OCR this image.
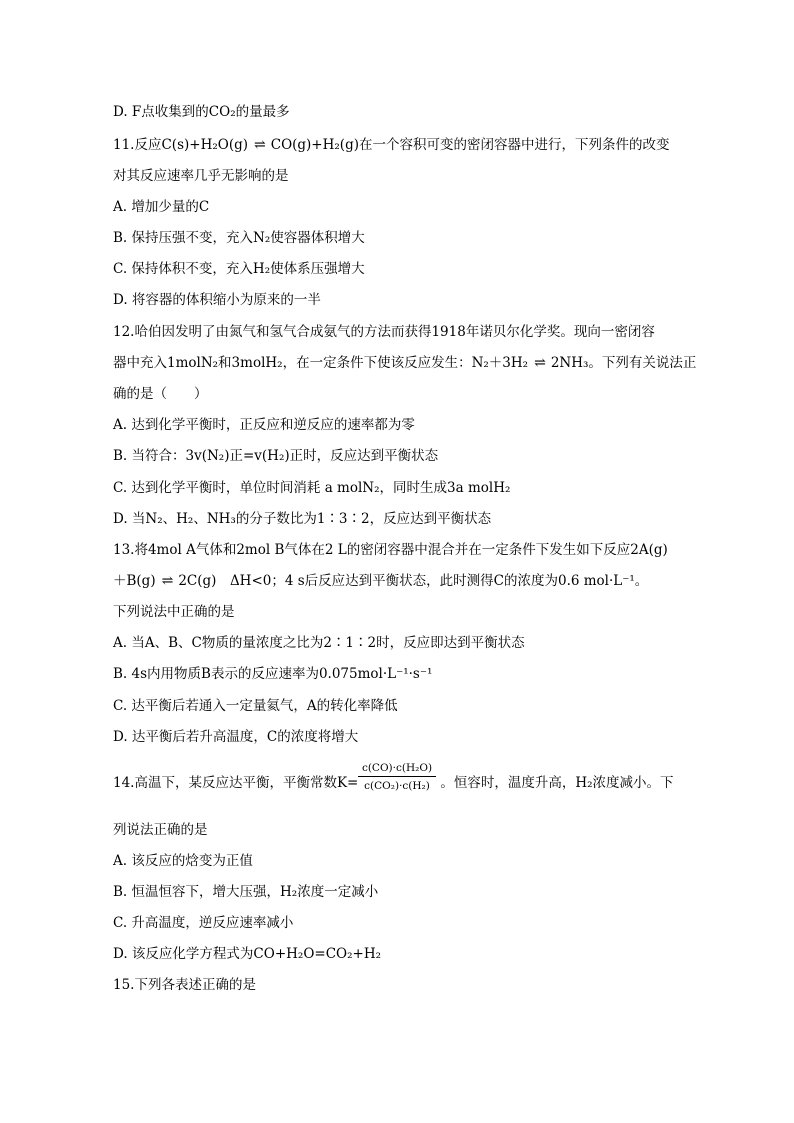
D. F点收集到的CO₂的量最多
11.反应C(s)+H₂O(g) ⇌ CO(g)+H₂(g)在一个容积可变的密闭容器中进行，下列条件的改变
对其反应速率几乎无影响的是
A. 增加少量的C
B. 保持压强不变，充入N₂使容器体积增大
C. 保持体积不变，充入H₂使体系压强增大
D. 将容器的体积缩小为原来的一半
12.哈伯因发明了由氮气和氢气合成氨气的方法而获得1918年诺贝尔化学奖。现向一密闭容
器中充入1molN₂和3molH₂，在一定条件下使该反应发生：N₂＋3H₂ ⇌ 2NH₃。下列有关说法正
确的是（　　）
A. 达到化学平衡时，正反应和逆反应的速率都为零
B. 当符合：3v(N₂)正=v(H₂)正时，反应达到平衡状态
C. 达到化学平衡时，单位时间消耗 a molN₂，同时生成3a molH₂
D. 当N₂、H₂、NH₃的分子数比为1∶3∶2，反应达到平衡状态
13.将4mol A气体和2mol B气体在2 L的密闭容器中混合并在一定条件下发生如下反应2A(g)
＋B(g) ⇌ 2C(g)　ΔH<0；4 s后反应达到平衡状态，此时测得C的浓度为0.6 mol·L⁻¹。
下列说法中正确的是
A. 当A、B、C物质的量浓度之比为2∶1∶2时，反应即达到平衡状态
B. 4s内用物质B表示的反应速率为0.075mol·L⁻¹·s⁻¹
C. 达平衡后若通入一定量氦气，A的转化率降低
D. 达平衡后若升高温度，C的浓度将增大
14.高温下，某反应达平衡，平衡常数K=	。恒容时，温度升高，H₂浓度减小。下
$\frac{\text{c(CO)·c(H₂O)}}{\text{c(CO₂)·c(H₂)}}$
列说法正确的是
A. 该反应的焓变为正值
B. 恒温恒容下，增大压强，H₂浓度一定减小
C. 升高温度，逆反应速率减小
D. 该反应化学方程式为CO+H₂O=CO₂+H₂
15.下列各表述正确的是
